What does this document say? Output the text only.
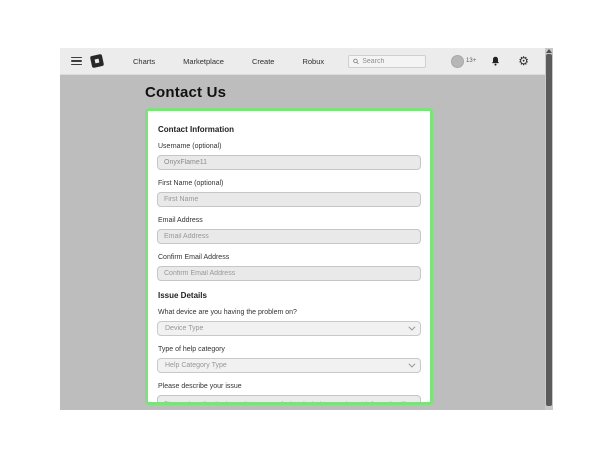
Charts	Marketplace	Create	Robux
Search	13+	⚙
Contact Us
Contact Information
Username (optional)
OnyxFlame11
First Name (optional)
First Name
Email Address
Email Address
Confirm Email Address
Confirm Email Address
Issue Details
What device are you having the problem on?
Device Type
Type of help category
Help Category Type
Please describe your issue
Please describe the issue that you are facing. Include any relevant information like where the issue is occurring or the error message.
